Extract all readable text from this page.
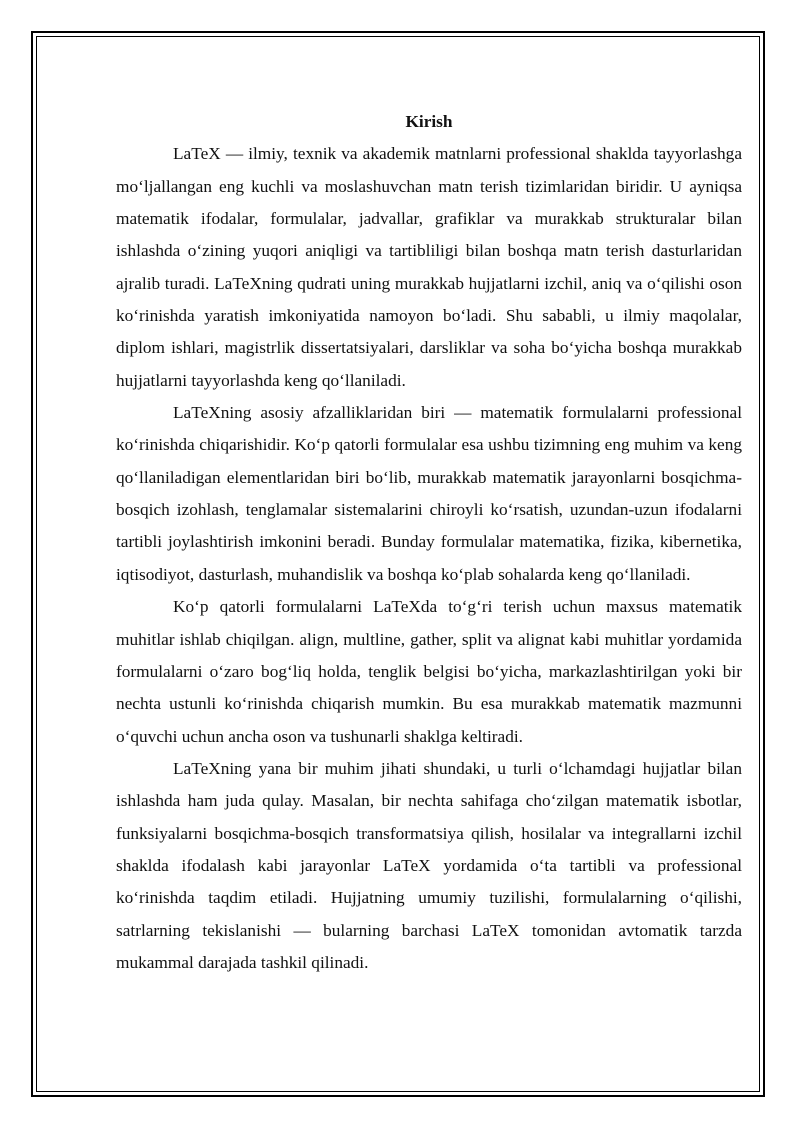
Kirish

LaTeX — ilmiy, texnik va akademik matnlarni professional shaklda tayyorlashga moʻljallangan eng kuchli va moslashuvchan matn terish tizimlaridan biridir. U ayniqsa matematik ifodalar, formulalar, jadvallar, grafiklar va murakkab strukturalar bilan ishlashda oʻzining yuqori aniqligi va tartibliligi bilan boshqa matn terish dasturlaridan ajralib turadi. LaTeXning qudrati uning murakkab hujjatlarni izchil, aniq va oʻqilishi oson koʻrinishda yaratish imkoniyatida namoyon boʻladi. Shu sababli, u ilmiy maqolalar, diplom ishlari, magistrlik dissertatsiyalari, darsliklar va soha boʻyicha boshqa murakkab hujjatlarni tayyorlashda keng qoʻllaniladi.

LaTeXning asosiy afzalliklaridan biri — matematik formulalarni professional koʻrinishda chiqarishidir. Koʻp qatorli formulalar esa ushbu tizimning eng muhim va keng qoʻllaniladigan elementlaridan biri boʻlib, murakkab matematik jarayonlarni bosqichma-bosqich izohlash, tenglamalar sistemalarini chiroyli koʻrsatish, uzundan-uzun ifodalarni tartibli joylashtirish imkonini beradi. Bunday formulalar matematika, fizika, kibernetika, iqtisodiyot, dasturlash, muhandislik va boshqa koʻplab sohalarda keng qoʻllaniladi.

Koʻp qatorli formulalarni LaTeXda toʻgʻri terish uchun maxsus matematik muhitlar ishlab chiqilgan. align, multline, gather, split va alignat kabi muhitlar yordamida formulalarni oʻzaro bogʻliq holda, tenglik belgisi boʻyicha, markazlashtirilgan yoki bir nechta ustunli koʻrinishda chiqarish mumkin. Bu esa murakkab matematik mazmunni oʻquvchi uchun ancha oson va tushunarli shaklga keltiradi.

LaTeXning yana bir muhim jihati shundaki, u turli oʻlchamdagi hujjatlar bilan ishlashda ham juda qulay. Masalan, bir nechta sahifaga choʻzilgan matematik isbotlar, funksiyalarni bosqichma-bosqich transformatsiya qilish, hosilalar va integrallarni izchil shaklda ifodalash kabi jarayonlar LaTeX yordamida oʻta tartibli va professional koʻrinishda taqdim etiladi. Hujjatning umumiy tuzilishi, formulalarning oʻqilishi, satrlarning tekislanishi — bularning barchasi LaTeX tomonidan avtomatik tarzda mukammal darajada tashkil qilinadi.
